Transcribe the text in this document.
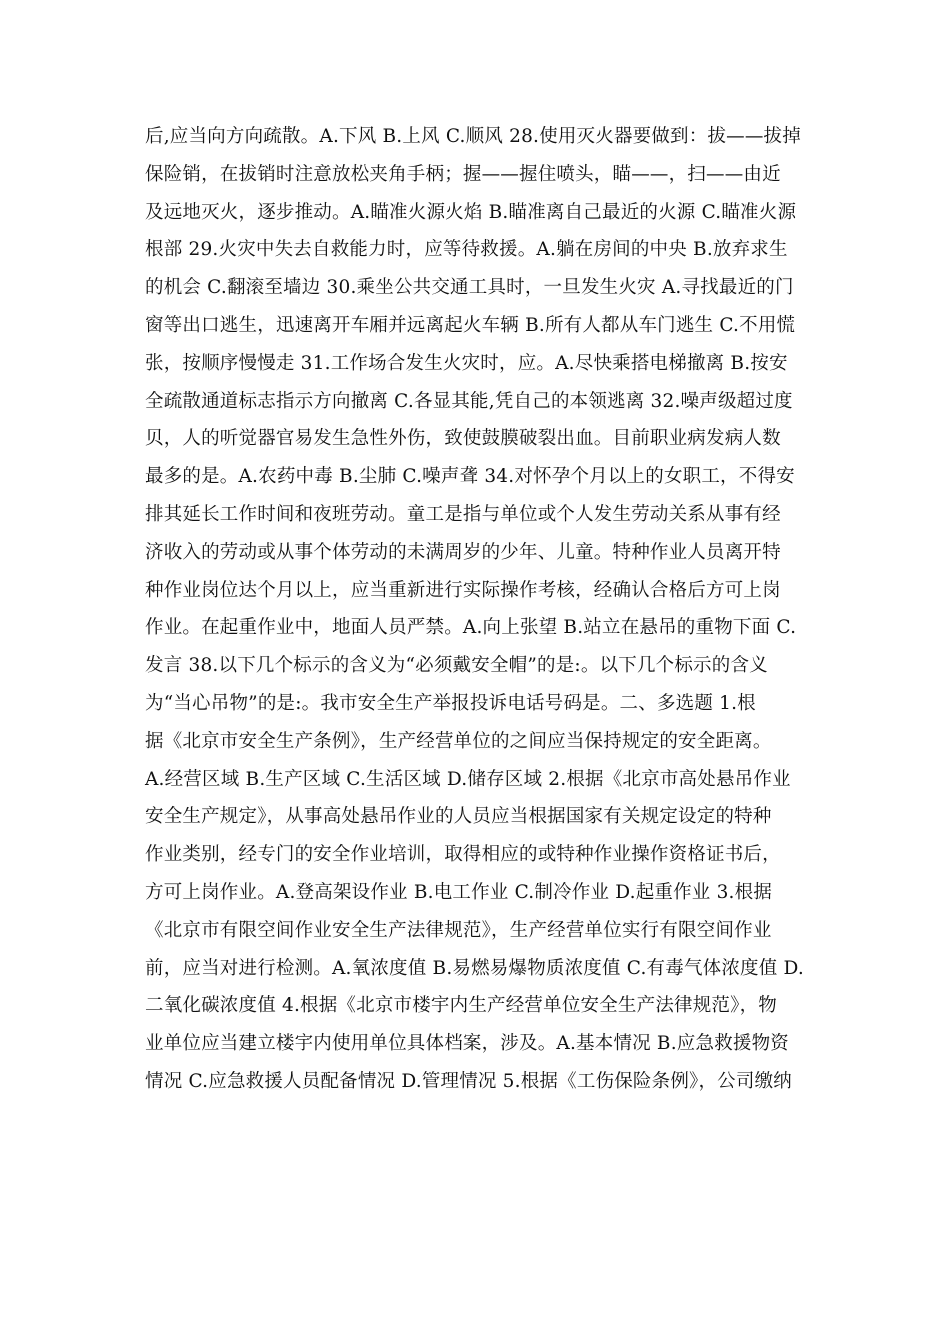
后,应当向方向疏散。A.下风 B.上风 C.顺风 28.使用灭火器要做到：拔——拔掉
保险销，在拔销时注意放松夹角手柄；握——握住喷头，瞄——，扫——由近
及远地灭火，逐步推动。A.瞄准火源火焰 B.瞄准离自己最近的火源 C.瞄准火源
根部 29.火灾中失去自救能力时，应等待救援。A.躺在房间的中央 B.放弃求生
的机会 C.翻滚至墙边 30.乘坐公共交通工具时，一旦发生火灾 A.寻找最近的门
窗等出口逃生，迅速离开车厢并远离起火车辆 B.所有人都从车门逃生 C.不用慌
张，按顺序慢慢走 31.工作场合发生火灾时，应。A.尽快乘搭电梯撤离 B.按安
全疏散通道标志指示方向撤离 C.各显其能,凭自己的本领逃离 32.噪声级超过度
贝，人的听觉器官易发生急性外伤，致使鼓膜破裂出血。目前职业病发病人数
最多的是。A.农药中毒 B.尘肺 C.噪声聋 34.对怀孕个月以上的女职工，不得安
排其延长工作时间和夜班劳动。童工是指与单位或个人发生劳动关系从事有经
济收入的劳动或从事个体劳动的未满周岁的少年、儿童。特种作业人员离开特
种作业岗位达个月以上，应当重新进行实际操作考核，经确认合格后方可上岗
作业。在起重作业中，地面人员严禁。A.向上张望 B.站立在悬吊的重物下面 C.
发言 38.以下几个标示的含义为“必须戴安全帽”的是:。以下几个标示的含义
为“当心吊物”的是:。我市安全生产举报投诉电话号码是。二、多选题 1.根
据《北京市安全生产条例》，生产经营单位的之间应当保持规定的安全距离。
A.经营区域 B.生产区域 C.生活区域 D.储存区域 2.根据《北京市高处悬吊作业
安全生产规定》，从事高处悬吊作业的人员应当根据国家有关规定设定的特种
作业类别，经专门的安全作业培训，取得相应的或特种作业操作资格证书后，
方可上岗作业。A.登高架设作业 B.电工作业 C.制冷作业 D.起重作业 3.根据
《北京市有限空间作业安全生产法律规范》，生产经营单位实行有限空间作业
前，应当对进行检测。A.氧浓度值 B.易燃易爆物质浓度值 C.有毒气体浓度值 D.
二氧化碳浓度值 4.根据《北京市楼宇内生产经营单位安全生产法律规范》，物
业单位应当建立楼宇内使用单位具体档案，涉及。A.基本情况 B.应急救援物资
情况 C.应急救援人员配备情况 D.管理情况 5.根据《工伤保险条例》，公司缴纳
